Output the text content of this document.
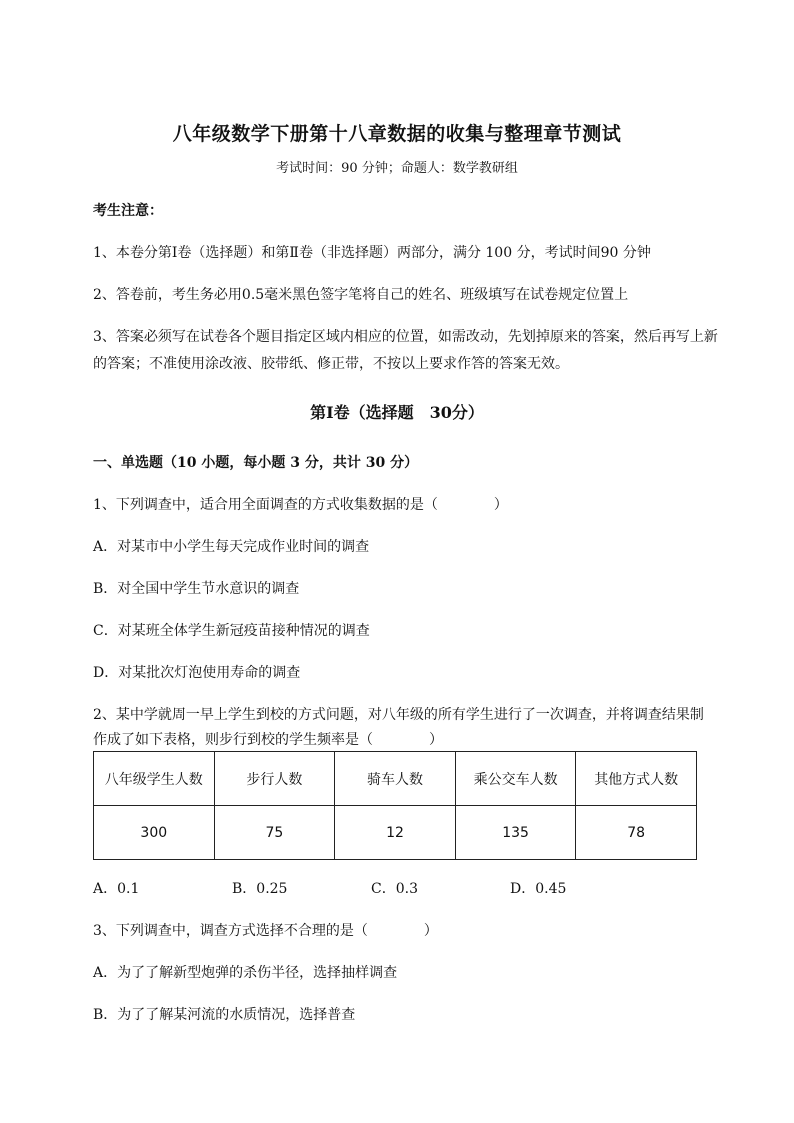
八年级数学下册第十八章数据的收集与整理章节测试
考试时间：90 分钟；命题人：数学教研组
考生注意：
1、本卷分第Ⅰ卷（选择题）和第Ⅱ卷（非选择题）两部分，满分 100 分，考试时间90 分钟
2、答卷前，考生务必用0.5毫米黑色签字笔将自己的姓名、班级填写在试卷规定位置上
3、答案必须写在试卷各个题目指定区域内相应的位置，如需改动，先划掉原来的答案，然后再写上新
的答案；不准使用涂改液、胶带纸、修正带，不按以上要求作答的答案无效。
第Ⅰ卷（选择题　30分）
一、单选题（10 小题，每小题 3 分，共计 30 分）
1、下列调查中，适合用全面调查的方式收集数据的是（　　　　）
A．对某市中小学生每天完成作业时间的调查
B．对全国中学生节水意识的调查
C．对某班全体学生新冠疫苗接种情况的调查
D．对某批次灯泡使用寿命的调查
2、某中学就周一早上学生到校的方式问题，对八年级的所有学生进行了一次调查，并将调查结果制
作成了如下表格，则步行到校的学生频率是（　　　　）
八年级学生人数	步行人数	骑车人数	乘公交车人数	其他方式人数
300	75	12	135	78
A．0.1	B．0.25	C．0.3	D．0.45
3、下列调查中，调查方式选择不合理的是（　　　　）
A．为了了解新型炮弹的杀伤半径，选择抽样调查
B．为了了解某河流的水质情况，选择普查
